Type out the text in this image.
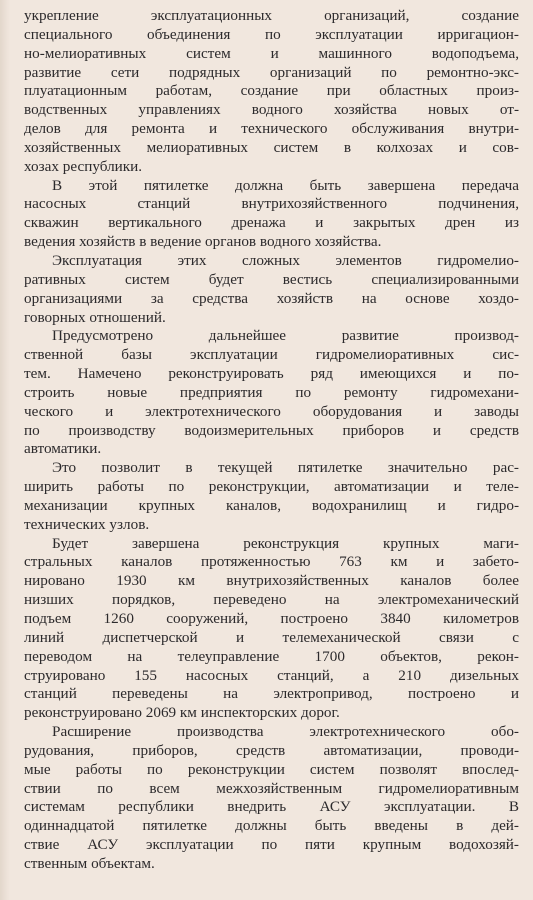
укрепление эксплуатационных организаций, создание
специального объединения по эксплуатации ирригацион-
но-мелиоративных систем и машинного водоподъема,
развитие сети подрядных организаций по ремонтно-экс-
плуатационным работам, создание при областных произ-
водственных управлениях водного хозяйства новых от-
делов для ремонта и технического обслуживания внутри-
хозяйственных мелиоративных систем в колхозах и сов-
хозах республики.
В этой пятилетке должна быть завершена передача
насосных станций внутрихозяйственного подчинения,
скважин вертикального дренажа и закрытых дрен из
ведения хозяйств в ведение органов водного хозяйства.
Эксплуатация этих сложных элементов гидромелио-
ративных систем будет вестись специализированными
организациями за средства хозяйств на основе хоздо-
говорных отношений.
Предусмотрено дальнейшее развитие производ-
ственной базы эксплуатации гидромелиоративных сис-
тем. Намечено реконструировать ряд имеющихся и по-
строить новые предприятия по ремонту гидромехани-
ческого и электротехнического оборудования и заводы
по производству водоизмерительных приборов и средств
автоматики.
Это позволит в текущей пятилетке значительно рас-
ширить работы по реконструкции, автоматизации и теле-
механизации крупных каналов, водохранилищ и гидро-
технических узлов.
Будет завершена реконструкция крупных маги-
стральных каналов протяженностью 763 км и забето-
нировано 1930 км внутрихозяйственных каналов более
низших порядков, переведено на электромеханический
подъем 1260 сооружений, построено 3840 километров
линий диспетчерской и телемеханической связи с
переводом на телеуправление 1700 объектов, рекон-
струировано 155 насосных станций, а 210 дизельных
станций переведены на электропривод, построено и
реконструировано 2069 км инспекторских дорог.
Расширение производства электротехнического обо-
рудования, приборов, средств автоматизации, проводи-
мые работы по реконструкции систем позволят впослед-
ствии по всем межхозяйственным гидромелиоративным
системам республики внедрить АСУ эксплуатации. В
одиннадцатой пятилетке должны быть введены в дей-
ствие АСУ эксплуатации по пяти крупным водохозяй-
ственным объектам.
